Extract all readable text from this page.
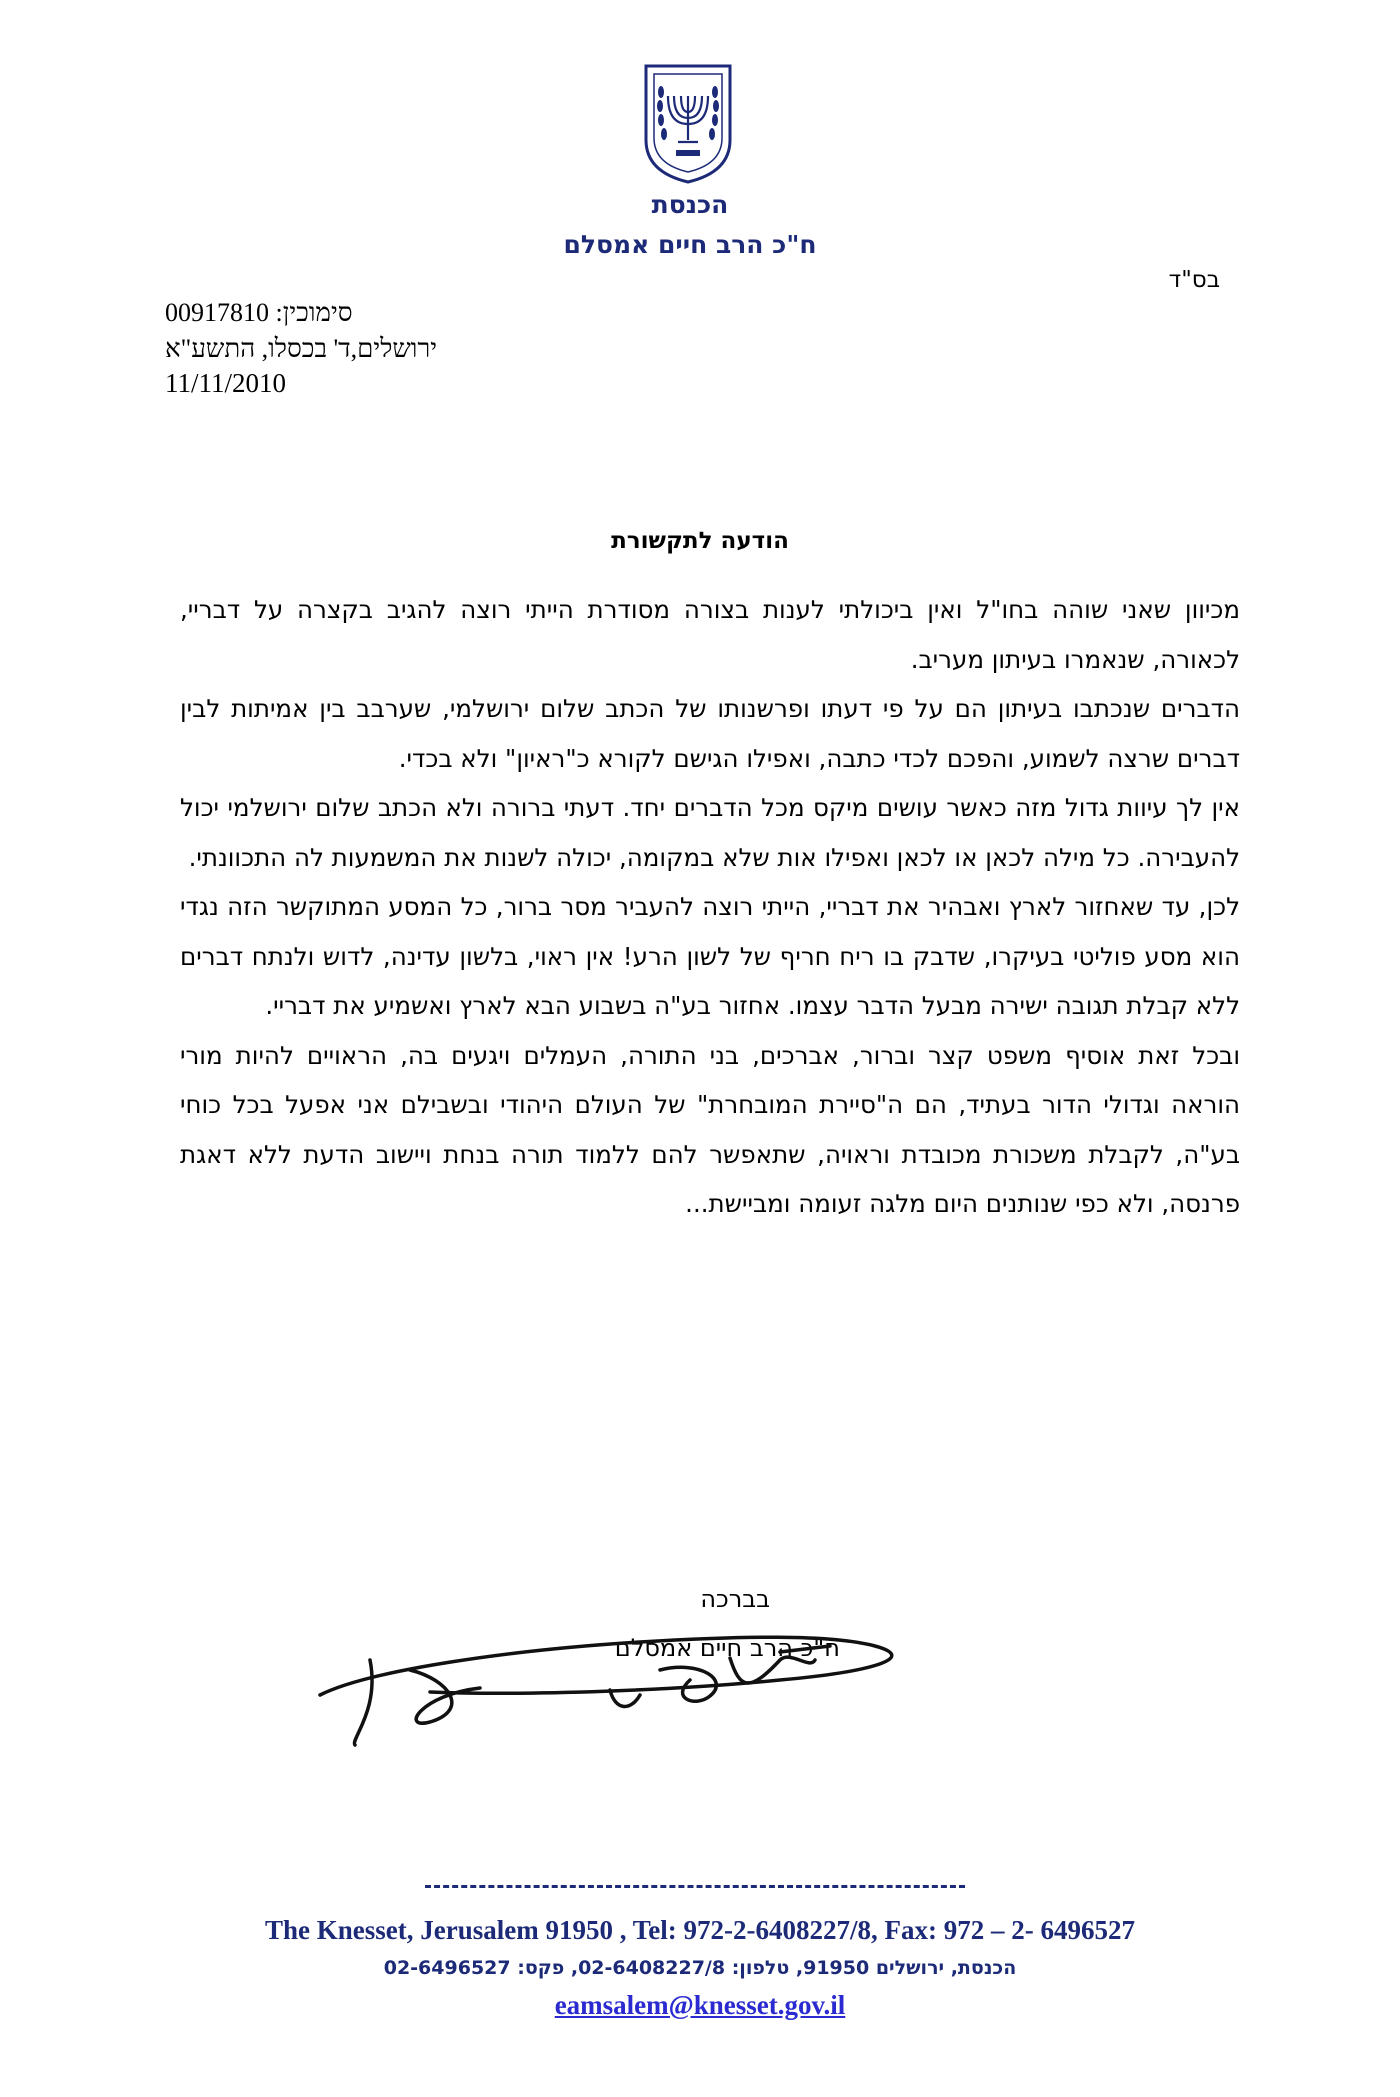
הכנסת
ח"כ הרב חיים אמסלם
בס"ד
סימוכין: 00917810
ירושלים,ד' בכסלו, התשע"א
11/11/2010
הודעה לתקשורת

מכיוון שאני שוהה בחו"ל ואין ביכולתי לענות בצורה מסודרת הייתי רוצה להגיב בקצרה על דבריי, לכאורה, שנאמרו בעיתון מעריב.

הדברים שנכתבו בעיתון הם על פי דעתו ופרשנותו של הכתב שלום ירושלמי, שערבב בין אמיתות לבין דברים שרצה לשמוע, והפכם לכדי כתבה, ואפילו הגישם לקורא כ"ראיון" ולא בכדי.

אין לך עיוות גדול מזה כאשר עושים מיקס מכל הדברים יחד. דעתי ברורה ולא הכתב שלום ירושלמי יכול להעבירה. כל מילה לכאן או לכאן ואפילו אות שלא במקומה, יכולה לשנות את המשמעות לה התכוונתי.

לכן, עד שאחזור לארץ ואבהיר את דבריי, הייתי רוצה להעביר מסר ברור, כל המסע המתוקשר הזה נגדי הוא מסע פוליטי בעיקרו, שדבק בו ריח חריף של לשון הרע! אין ראוי, בלשון עדינה, לדוש ולנתח דברים ללא קבלת תגובה ישירה מבעל הדבר עצמו. אחזור בע"ה בשבוע הבא לארץ ואשמיע את דבריי.

ובכל זאת אוסיף משפט קצר וברור, אברכים, בני התורה, העמלים ויגעים בה, הראויים להיות מורי הוראה וגדולי הדור בעתיד, הם ה"סיירת המובחרת" של העולם היהודי ובשבילם אני אפעל בכל כוחי בע"ה, לקבלת משכורת מכובדת וראויה, שתאפשר להם ללמוד תורה בנחת ויישוב הדעת ללא דאגת פרנסה, ולא כפי שנותנים היום מלגה זעומה ומביישת...

בברכה
ח"כ הרב חיים אמסלם
The Knesset, Jerusalem 91950 , Tel: 972-2-6408227/8, Fax: 972 – 2- 6496527
הכנסת, ירושלים 91950, טלפון: 02-6408227/8, פקס: 02-6496527
eamsalem@knesset.gov.il
